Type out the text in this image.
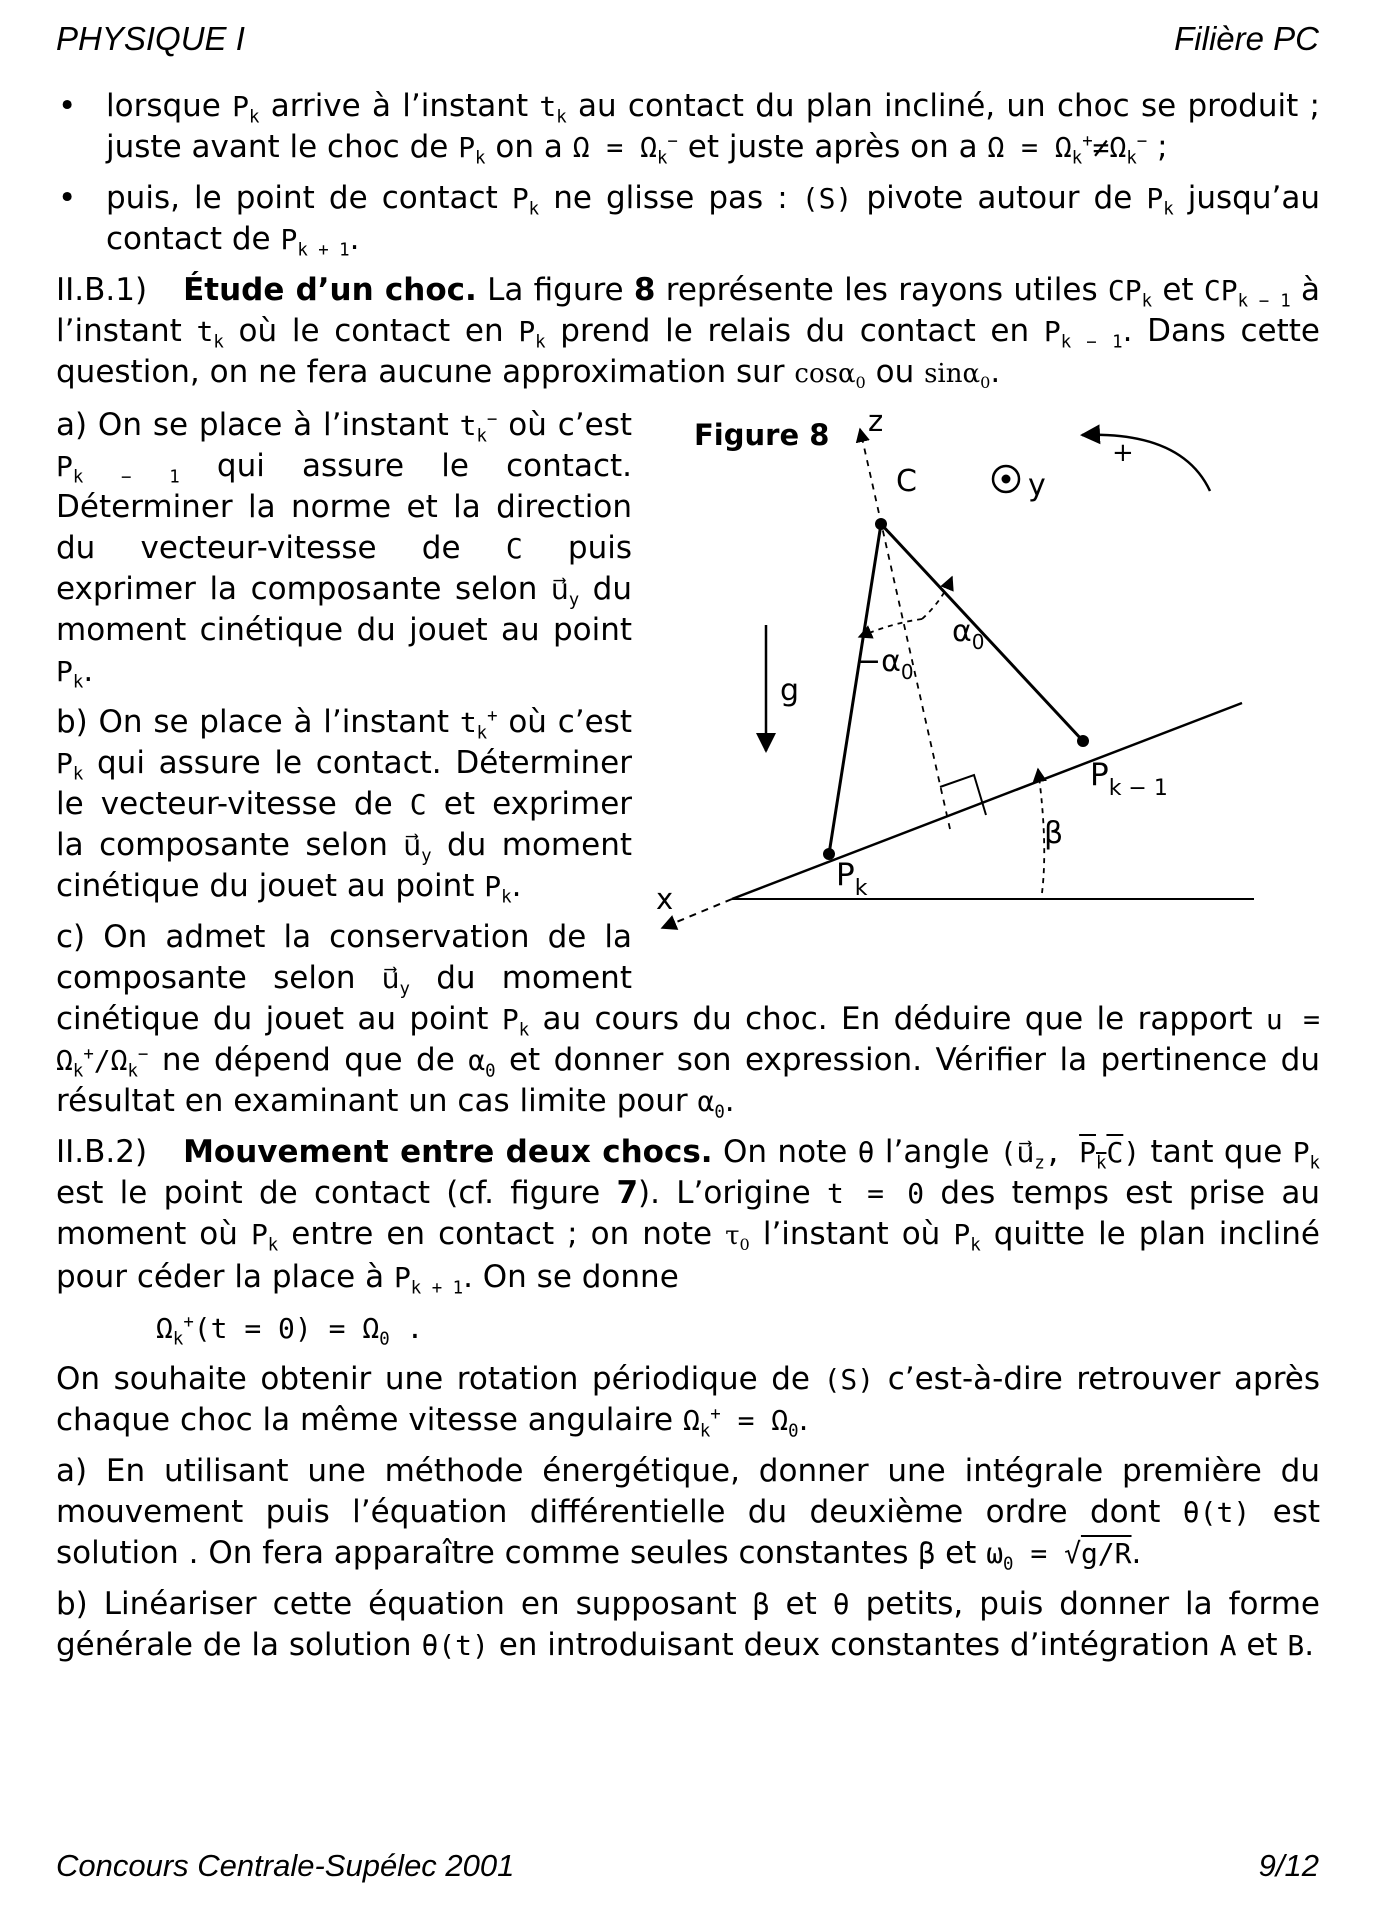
PHYSIQUE I	Filière PC

• lorsque $P_k$ arrive à l’instant $t_k$ au contact du plan incliné, un choc se produit ; juste avant le choc de $P_k$ on a $\Omega = \Omega_k^-$ et juste après on a $\Omega = \Omega_k^+\ne\Omega_k^-$ ;

• puis, le point de contact $P_k$ ne glisse pas : (S) pivote autour de $P_k$ jusqu’au contact de $P_{k + 1}$.

II.B.1) Étude d’un choc. La figure 8 représente les rayons utiles $CP_k$ et $CP_{k - 1}$ à l’instant $t_k$ où le contact en $P_k$ prend le relais du contact en $P_{k - 1}$. Dans cette question, on ne fera aucune approximation sur cosα$_0$ ou sinα$_0$.

Figure 8 z
C	y
+
$\alpha_0$
$-\alpha_0$
g
$P_{k - 1}$
β
$P_k$
x

a) On se place à l’instant $t_k^-$ où c’est $P_{k - 1}$ qui assure le contact. Déterminer la norme et la direction du vecteur-vitesse de C puis exprimer la composante selon $u⃗_y$ du moment cinétique du jouet au point $P_k$.

b) On se place à l’instant $t_k^+$ où c’est $P_k$ qui assure le contact. Déterminer le vecteur-vitesse de C et exprimer la composante selon $u⃗_y$ du moment cinétique du jouet au point $P_k$.

c) On admet la conservation de la composante selon $u⃗_y$ du moment cinétique du jouet au point $P_k$ au cours du choc. En déduire que le rapport $u = \Omega_k^+/\Omega_k^-$ ne dépend que de $\alpha_0$ et donner son expression. Vérifier la pertinence du résultat en examinant un cas limite pour $\alpha_0$.

II.B.2) Mouvement entre deux chocs. On note θ l’angle ($u⃗_z$, $P_kC$) tant que $P_k$ est le point de contact (cf. figure 7). L’origine t = 0 des temps est prise au moment où $P_k$ entre en contact ; on note $\tau_0$ l’instant où $P_k$ quitte le plan incliné pour céder la place à $P_{k + 1}$. On se donne

$\Omega_k^+(t = 0) = \Omega_0$ .

On souhaite obtenir une rotation périodique de (S) c’est-à-dire retrouver après chaque choc la même vitesse angulaire $\Omega_k^+ = \Omega_0$.

a) En utilisant une méthode énergétique, donner une intégrale première du mouvement puis l’équation différentielle du deuxième ordre dont θ(t) est solution . On fera apparaître comme seules constantes β et $\omega_0 = √g/R$.

b) Linéariser cette équation en supposant β et θ petits, puis donner la forme générale de la solution θ(t) en introduisant deux constantes d’intégration A et B.

Concours Centrale-Supélec 2001	9/12
